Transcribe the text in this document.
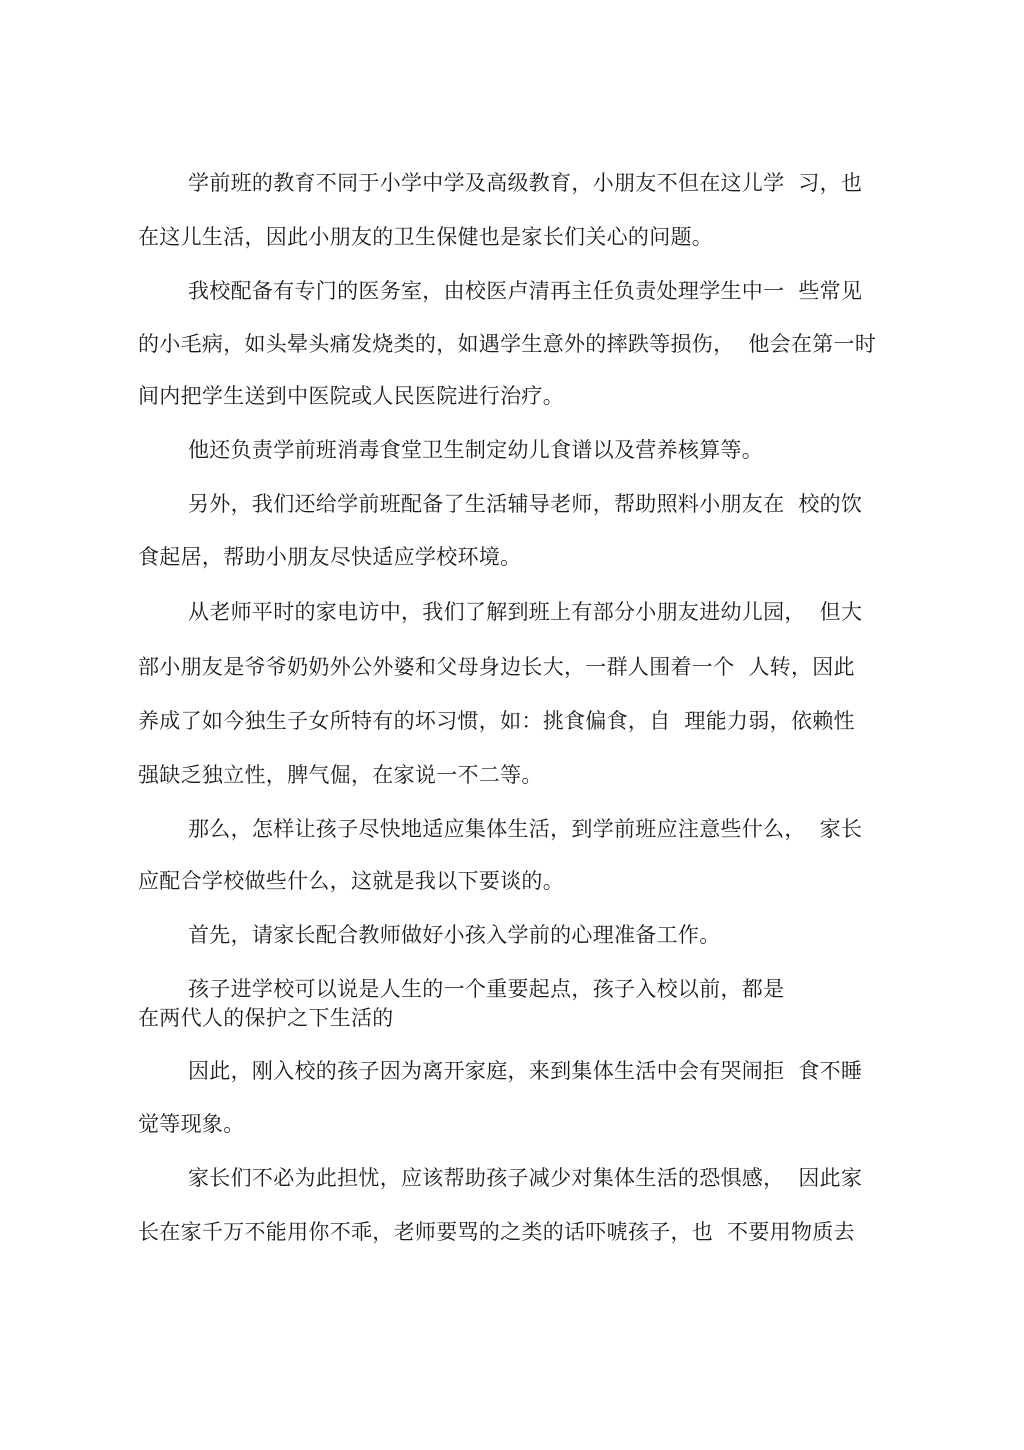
学前班的教育不同于小学中学及高级教育，小朋友不但在这儿学  习，也
在这儿生活，因此小朋友的卫生保健也是家长们关心的问题。
我校配备有专门的医务室，由校医卢清再主任负责处理学生中一  些常见
的小毛病，如头晕头痛发烧类的，如遇学生意外的摔跌等损伤，  他会在第一时
间内把学生送到中医院或人民医院进行治疗。
他还负责学前班消毒食堂卫生制定幼儿食谱以及营养核算等。
另外，我们还给学前班配备了生活辅导老师，帮助照料小朋友在  校的饮
食起居，帮助小朋友尽快适应学校环境。
从老师平时的家电访中，我们了解到班上有部分小朋友进幼儿园，  但大
部小朋友是爷爷奶奶外公外婆和父母身边长大，一群人围着一个  人转，因此
养成了如今独生子女所特有的坏习惯，如：挑食偏食，自  理能力弱，依赖性
强缺乏独立性，脾气倔，在家说一不二等。
那么，怎样让孩子尽快地适应集体生活，到学前班应注意些什么，  家长
应配合学校做些什么，这就是我以下要谈的。
首先，请家长配合教师做好小孩入学前的心理准备工作。
孩子进学校可以说是人生的一个重要起点，孩子入校以前，都是
在两代人的保护之下生活的
因此，刚入校的孩子因为离开家庭，来到集体生活中会有哭闹拒  食不睡
觉等现象。
家长们不必为此担忧，应该帮助孩子减少对集体生活的恐惧感，  因此家
长在家千万不能用你不乖，老师要骂的之类的话吓唬孩子，也  不要用物质去
